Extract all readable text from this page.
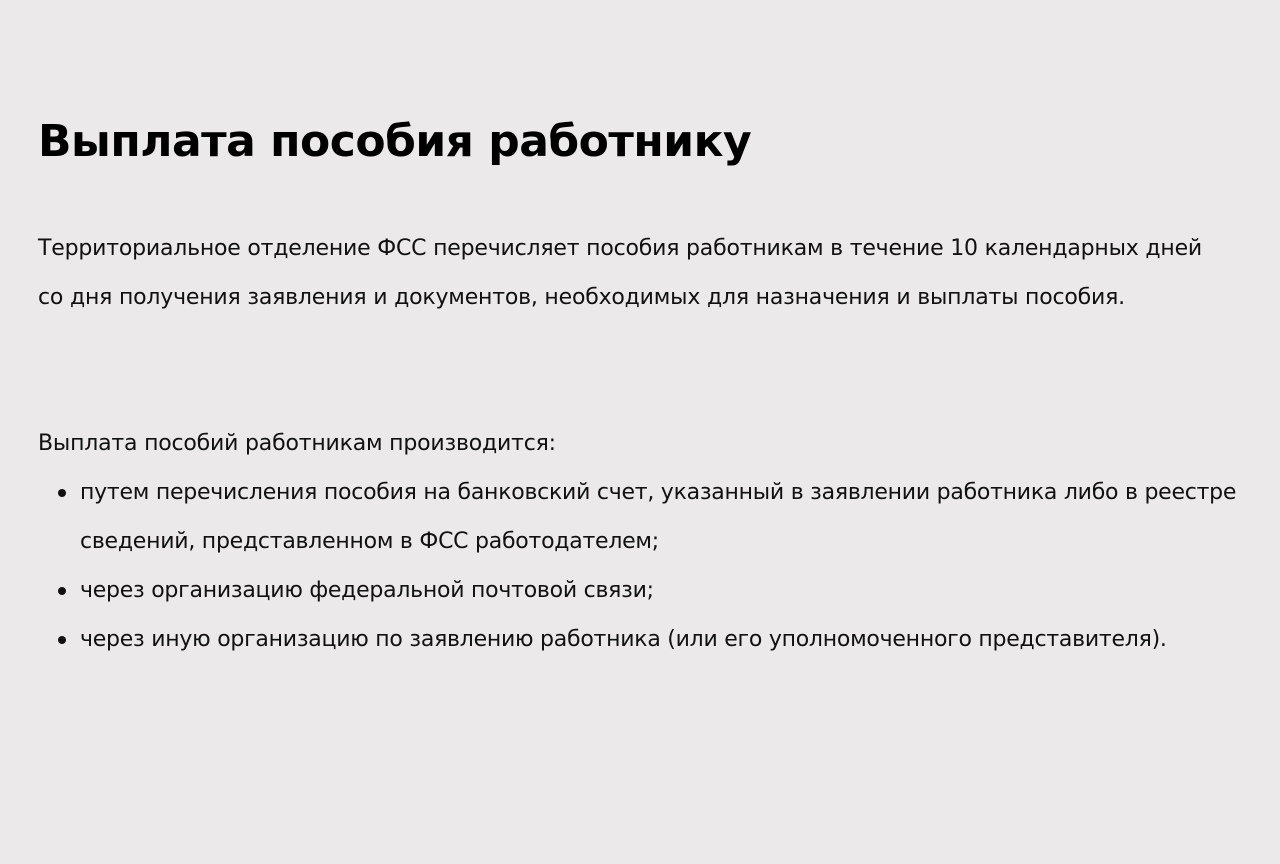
Выплата пособия работнику

Территориальное отделение ФСС перечисляет пособия работникам в течение 10 календарных дней со дня получения заявления и документов, необходимых для назначения и выплаты пособия.

Выплата пособий работникам производится:

путем перечисления пособия на банковский счет, указанный в заявлении работника либо в реестре сведений, представленном в ФСС работодателем;
через организацию федеральной почтовой связи;
через иную организацию по заявлению работника (или его уполномоченного представителя).
